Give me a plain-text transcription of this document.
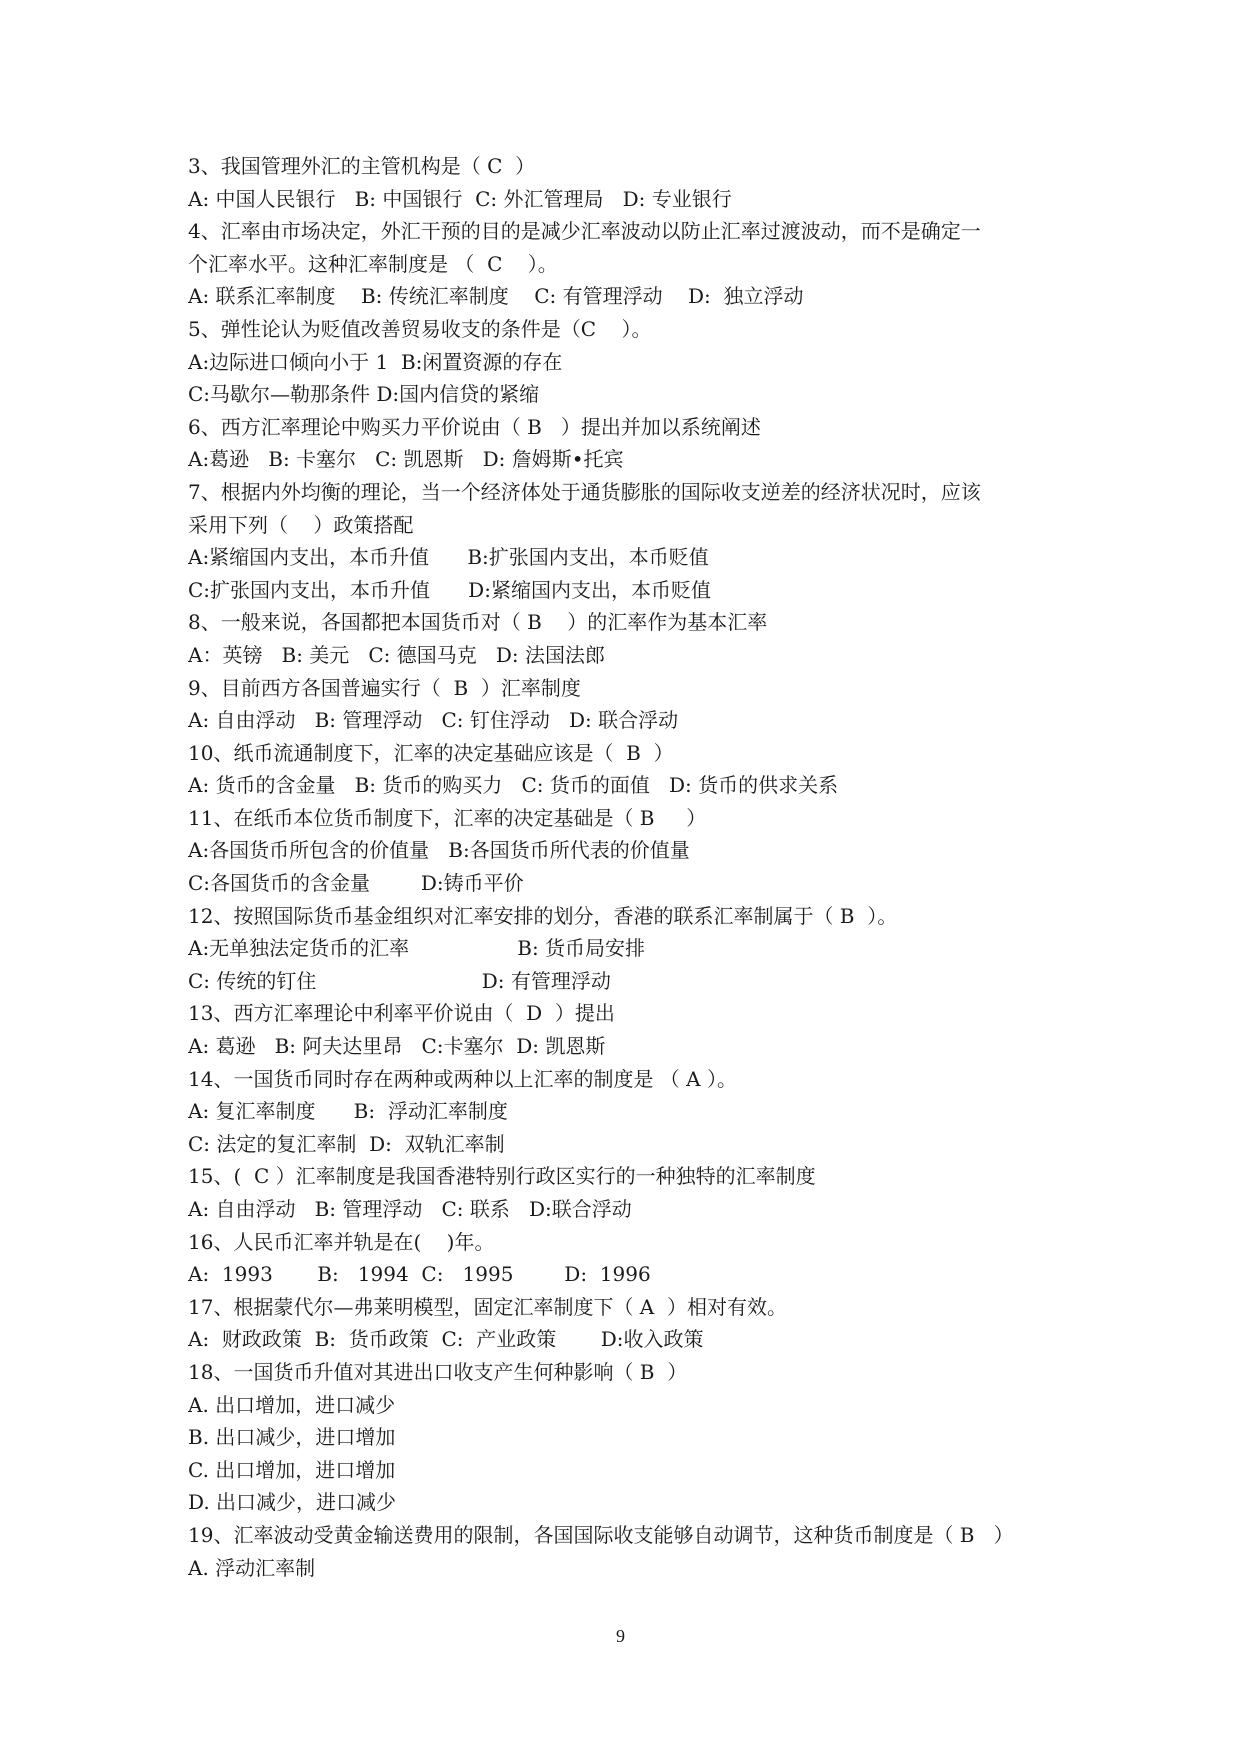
3、我国管理外汇的主管机构是（ C  ）
A: 中国人民银行   B: 中国银行  C: 外汇管理局   D: 专业银行
4、汇率由市场决定，外汇干预的目的是减少汇率波动以防止汇率过渡波动，而不是确定一
个汇率水平。这种汇率制度是 （  C    ）。
A: 联系汇率制度    B: 传统汇率制度    C: 有管理浮动    D:  独立浮动
5、弹性论认为贬值改善贸易收支的条件是（C    ）。
A:边际进口倾向小于 1  B:闲置资源的存在
C:马歇尔—勒那条件 D:国内信贷的紧缩
6、西方汇率理论中购买力平价说由（ B   ）提出并加以系统阐述
A:葛逊   B: 卡塞尔   C: 凯恩斯   D: 詹姆斯•托宾
7、根据内外均衡的理论，当一个经济体处于通货膨胀的国际收支逆差的经济状况时，应该
采用下列（    ）政策搭配
A:紧缩国内支出，本币升值      B:扩张国内支出，本币贬值
C:扩张国内支出，本币升值      D:紧缩国内支出，本币贬值
8、一般来说，各国都把本国货币对（ B    ）的汇率作为基本汇率
A：英镑   B: 美元   C: 德国马克   D: 法国法郎
9、目前西方各国普遍实行（  B  ）汇率制度
A: 自由浮动   B: 管理浮动   C: 钉住浮动   D: 联合浮动
10、纸币流通制度下，汇率的决定基础应该是（  B  ）
A: 货币的含金量   B: 货币的购买力   C: 货币的面值   D: 货币的供求关系
11、在纸币本位货币制度下，汇率的决定基础是（ B     ）
A:各国货币所包含的价值量   B:各国货币所代表的价值量
C:各国货币的含金量        D:铸币平价
12、按照国际货币基金组织对汇率安排的划分，香港的联系汇率制属于（ B  ）。
A:无单独法定货币的汇率                 B: 货币局安排
C: 传统的钉住                          D: 有管理浮动
13、西方汇率理论中利率平价说由（  D  ）提出
A: 葛逊   B: 阿夫达里昂   C:卡塞尔  D: 凯恩斯
14、一国货币同时存在两种或两种以上汇率的制度是 （ A ）。
A: 复汇率制度      B:  浮动汇率制度
C: 法定的复汇率制  D:  双轨汇率制
15、(  C ）汇率制度是我国香港特别行政区实行的一种独特的汇率制度
A: 自由浮动   B: 管理浮动   C: 联系   D:联合浮动
16、人民币汇率并轨是在(    )年。
A:  1993       B:   1994  C:   1995        D:  1996
17、根据蒙代尔—弗莱明模型，固定汇率制度下（ A  ）相对有效。
A:  财政政策  B:  货币政策  C:  产业政策       D:收入政策
18、一国货币升值对其进出口收支产生何种影响（ B  ）
A. 出口增加，进口减少
B. 出口减少，进口增加
C. 出口增加，进口增加
D. 出口减少，进口减少
19、汇率波动受黄金输送费用的限制，各国国际收支能够自动调节，这种货币制度是（ B   ）
A. 浮动汇率制
9
